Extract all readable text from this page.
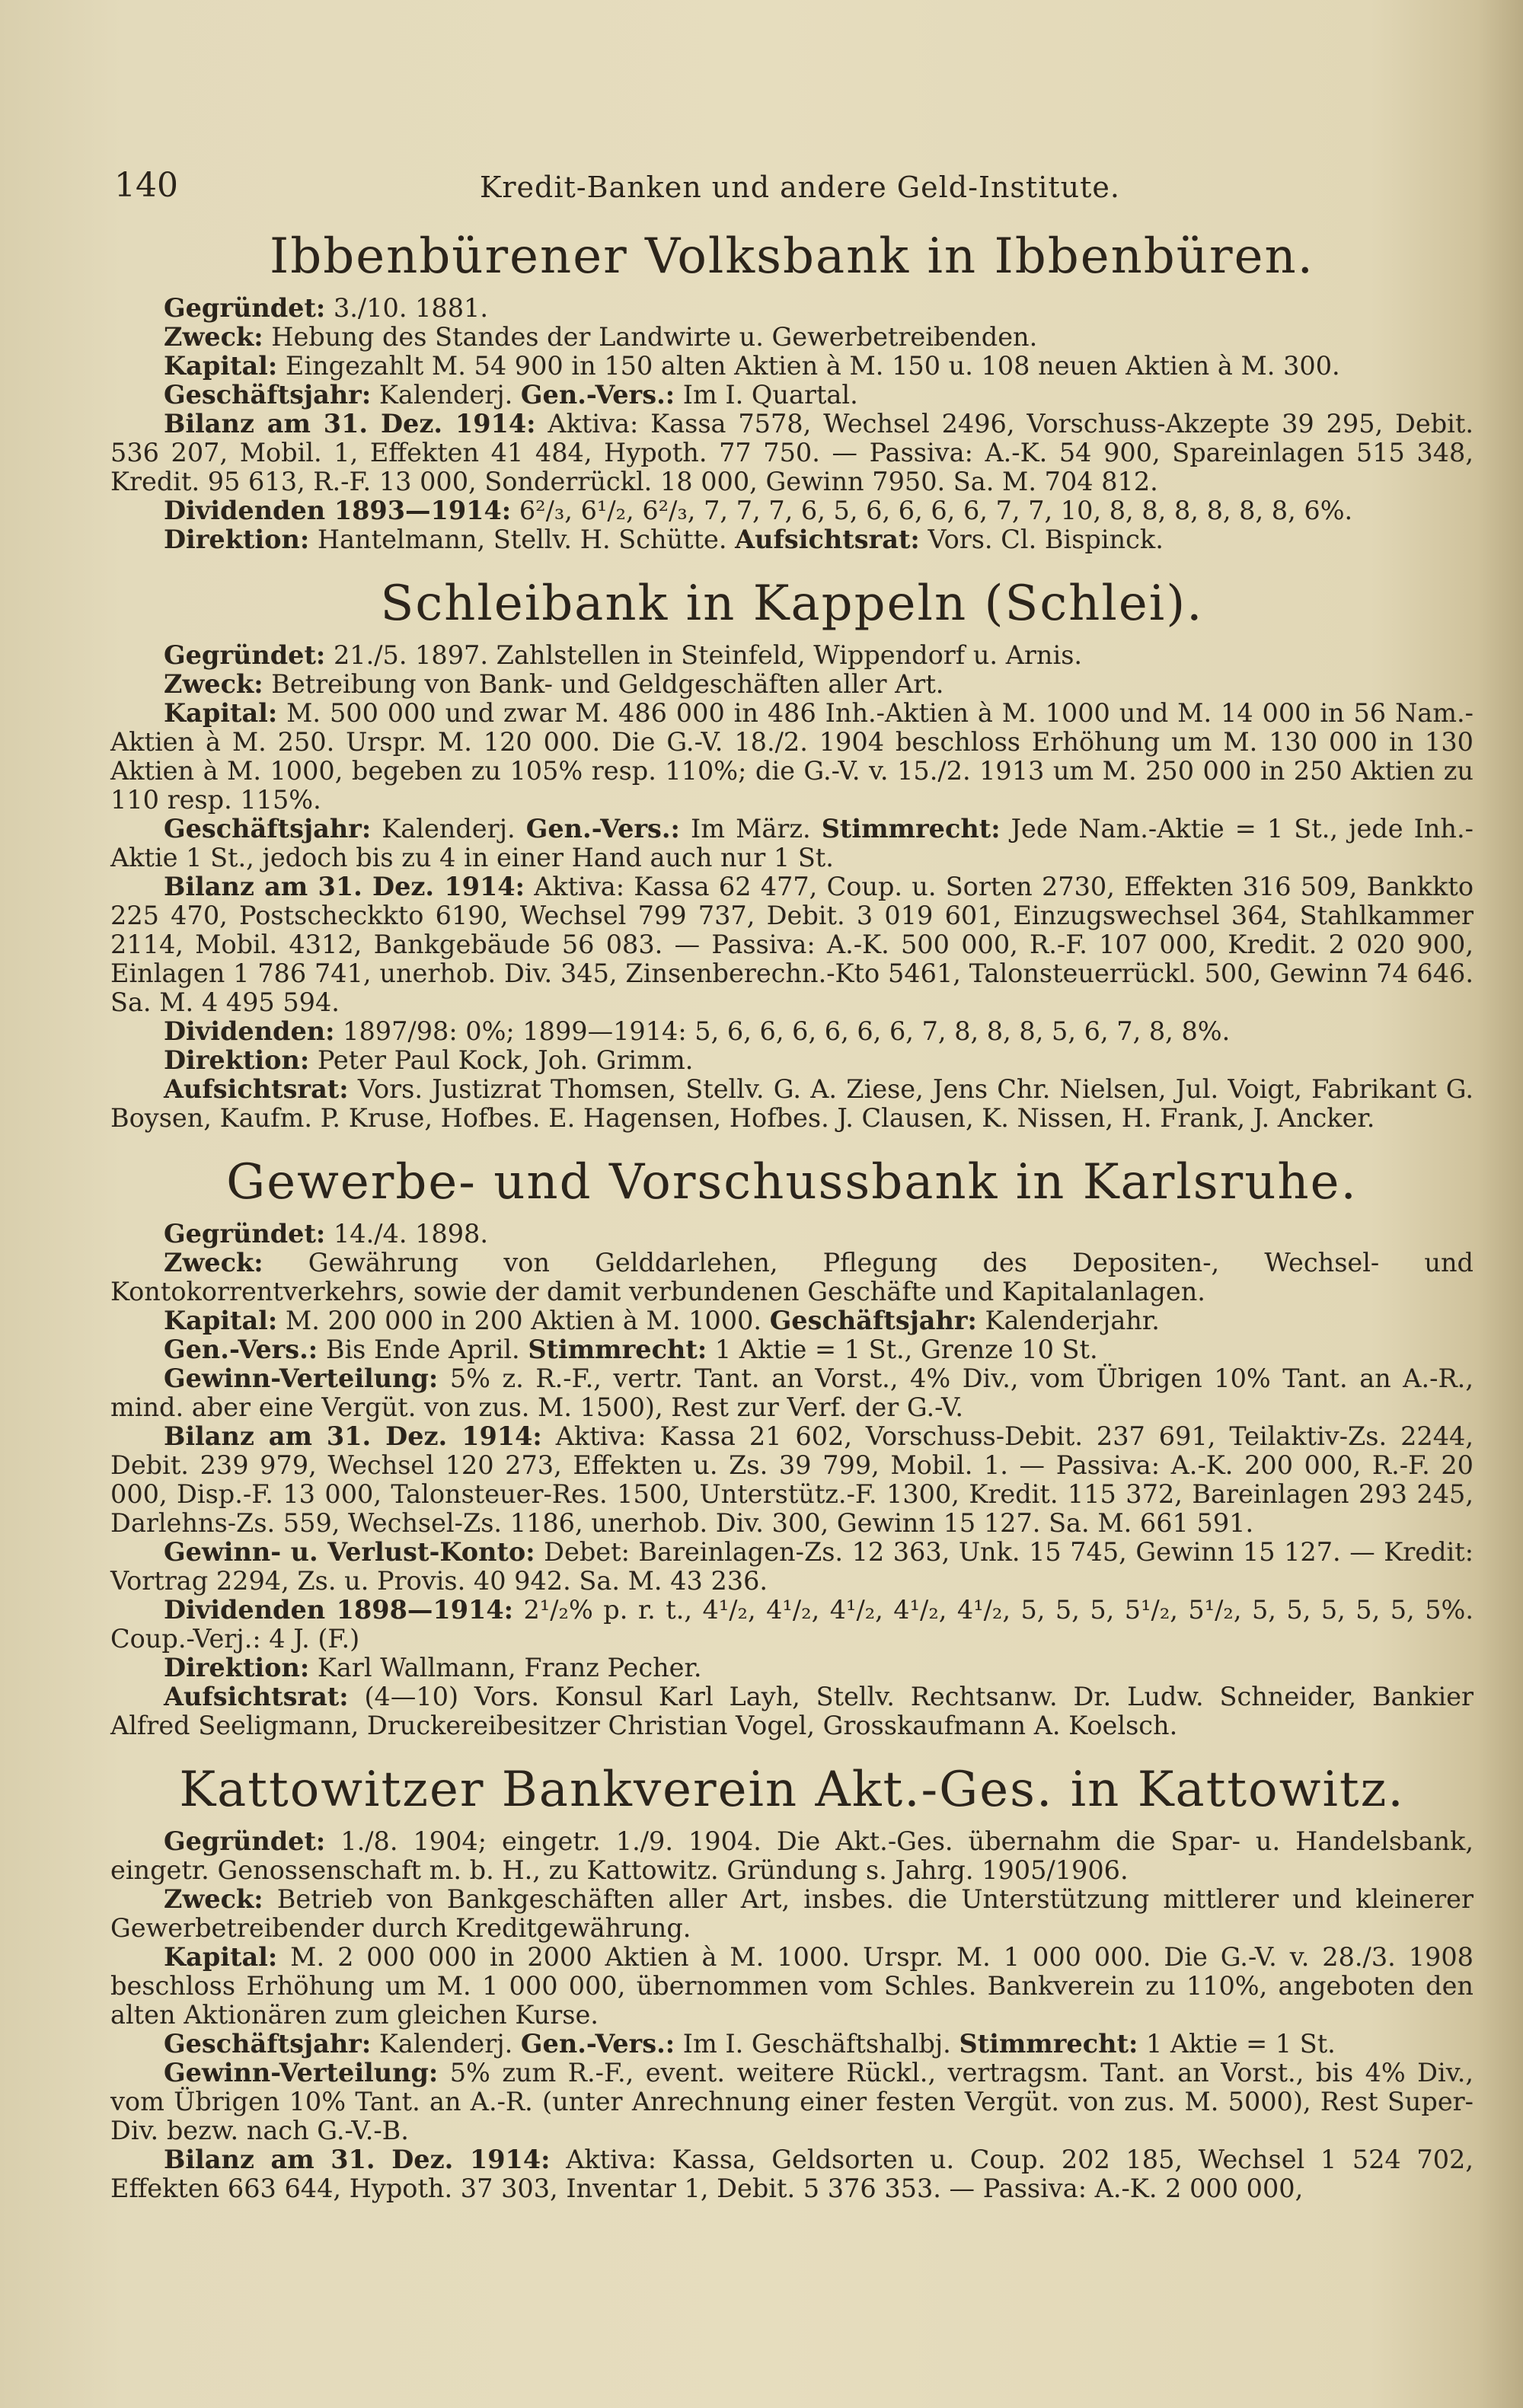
140	Kredit-Banken und andere Geld-Institute.
Ibbenbürener Volksbank in Ibbenbüren.

Gegründet: 3./10. 1881.

Zweck: Hebung des Standes der Landwirte u. Gewerbetreibenden.

Kapital: Eingezahlt M. 54 900 in 150 alten Aktien à M. 150 u. 108 neuen Aktien à M. 300.

Geschäftsjahr: Kalenderj. Gen.-Vers.: Im I. Quartal.

Bilanz am 31. Dez. 1914: Aktiva: Kassa 7578, Wechsel 2496, Vorschuss-Akzepte 39 295, Debit. 536 207, Mobil. 1, Effekten 41 484, Hypoth. 77 750. — Passiva: A.-K. 54 900, Spareinlagen 515 348, Kredit. 95 613, R.-F. 13 000, Sonderrückl. 18 000, Gewinn 7950. Sa. M. 704 812.

Dividenden 1893—1914: 6²/₃, 6¹/₂, 6²/₃, 7, 7, 7, 6, 5, 6, 6, 6, 6, 7, 7, 10, 8, 8, 8, 8, 8, 8, 6%.

Direktion: Hantelmann, Stellv. H. Schütte. Aufsichtsrat: Vors. Cl. Bispinck.

Schleibank in Kappeln (Schlei).

Gegründet: 21./5. 1897. Zahlstellen in Steinfeld, Wippendorf u. Arnis.

Zweck: Betreibung von Bank- und Geldgeschäften aller Art.

Kapital: M. 500 000 und zwar M. 486 000 in 486 Inh.-Aktien à M. 1000 und M. 14 000 in 56 Nam.-Aktien à M. 250. Urspr. M. 120 000. Die G.-V. 18./2. 1904 beschloss Erhöhung um M. 130 000 in 130 Aktien à M. 1000, begeben zu 105% resp. 110%; die G.-V. v. 15./2. 1913 um M. 250 000 in 250 Aktien zu 110 resp. 115%.

Geschäftsjahr: Kalenderj. Gen.-Vers.: Im März. Stimmrecht: Jede Nam.-Aktie = 1 St., jede Inh.-Aktie 1 St., jedoch bis zu 4 in einer Hand auch nur 1 St.

Bilanz am 31. Dez. 1914: Aktiva: Kassa 62 477, Coup. u. Sorten 2730, Effekten 316 509, Bankkto 225 470, Postscheckkto 6190, Wechsel 799 737, Debit. 3 019 601, Einzugswechsel 364, Stahlkammer 2114, Mobil. 4312, Bankgebäude 56 083. — Passiva: A.-K. 500 000, R.-F. 107 000, Kredit. 2 020 900, Einlagen 1 786 741, unerhob. Div. 345, Zinsenberechn.-Kto 5461, Talonsteuerrückl. 500, Gewinn 74 646. Sa. M. 4 495 594.

Dividenden: 1897/98: 0%; 1899—1914: 5, 6, 6, 6, 6, 6, 6, 7, 8, 8, 8, 5, 6, 7, 8, 8%.

Direktion: Peter Paul Kock, Joh. Grimm.

Aufsichtsrat: Vors. Justizrat Thomsen, Stellv. G. A. Ziese, Jens Chr. Nielsen, Jul. Voigt, Fabrikant G. Boysen, Kaufm. P. Kruse, Hofbes. E. Hagensen, Hofbes. J. Clausen, K. Nissen, H. Frank, J. Ancker.

Gewerbe- und Vorschussbank in Karlsruhe.

Gegründet: 14./4. 1898.

Zweck: Gewährung von Gelddarlehen, Pflegung des Depositen-, Wechsel- und Kontokorrentverkehrs, sowie der damit verbundenen Geschäfte und Kapitalanlagen.

Kapital: M. 200 000 in 200 Aktien à M. 1000. Geschäftsjahr: Kalenderjahr.

Gen.-Vers.: Bis Ende April. Stimmrecht: 1 Aktie = 1 St., Grenze 10 St.

Gewinn-Verteilung: 5% z. R.-F., vertr. Tant. an Vorst., 4% Div., vom Übrigen 10% Tant. an A.-R., mind. aber eine Vergüt. von zus. M. 1500), Rest zur Verf. der G.-V.

Bilanz am 31. Dez. 1914: Aktiva: Kassa 21 602, Vorschuss-Debit. 237 691, Teilaktiv-Zs. 2244, Debit. 239 979, Wechsel 120 273, Effekten u. Zs. 39 799, Mobil. 1. — Passiva: A.-K. 200 000, R.-F. 20 000, Disp.-F. 13 000, Talonsteuer-Res. 1500, Unterstütz.-F. 1300, Kredit. 115 372, Bareinlagen 293 245, Darlehns-Zs. 559, Wechsel-Zs. 1186, unerhob. Div. 300, Gewinn 15 127. Sa. M. 661 591.

Gewinn- u. Verlust-Konto: Debet: Bareinlagen-Zs. 12 363, Unk. 15 745, Gewinn 15 127. — Kredit: Vortrag 2294, Zs. u. Provis. 40 942. Sa. M. 43 236.

Dividenden 1898—1914: 2¹/₂% p. r. t., 4¹/₂, 4¹/₂, 4¹/₂, 4¹/₂, 4¹/₂, 5, 5, 5, 5¹/₂, 5¹/₂, 5, 5, 5, 5, 5, 5%. Coup.-Verj.: 4 J. (F.)

Direktion: Karl Wallmann, Franz Pecher.

Aufsichtsrat: (4—10) Vors. Konsul Karl Layh, Stellv. Rechtsanw. Dr. Ludw. Schneider, Bankier Alfred Seeligmann, Druckereibesitzer Christian Vogel, Grosskaufmann A. Koelsch.

Kattowitzer Bankverein Akt.-Ges. in Kattowitz.

Gegründet: 1./8. 1904; eingetr. 1./9. 1904. Die Akt.-Ges. übernahm die Spar- u. Handelsbank, eingetr. Genossenschaft m. b. H., zu Kattowitz. Gründung s. Jahrg. 1905/1906.

Zweck: Betrieb von Bankgeschäften aller Art, insbes. die Unterstützung mittlerer und kleinerer Gewerbetreibender durch Kreditgewährung.

Kapital: M. 2 000 000 in 2000 Aktien à M. 1000. Urspr. M. 1 000 000. Die G.-V. v. 28./3. 1908 beschloss Erhöhung um M. 1 000 000, übernommen vom Schles. Bankverein zu 110%, angeboten den alten Aktionären zum gleichen Kurse.

Geschäftsjahr: Kalenderj. Gen.-Vers.: Im I. Geschäftshalbj. Stimmrecht: 1 Aktie = 1 St.

Gewinn-Verteilung: 5% zum R.-F., event. weitere Rückl., vertragsm. Tant. an Vorst., bis 4% Div., vom Übrigen 10% Tant. an A.-R. (unter Anrechnung einer festen Vergüt. von zus. M. 5000), Rest Super-Div. bezw. nach G.-V.-B.

Bilanz am 31. Dez. 1914: Aktiva: Kassa, Geldsorten u. Coup. 202 185, Wechsel 1 524 702, Effekten 663 644, Hypoth. 37 303, Inventar 1, Debit. 5 376 353. — Passiva: A.-K. 2 000 000,
